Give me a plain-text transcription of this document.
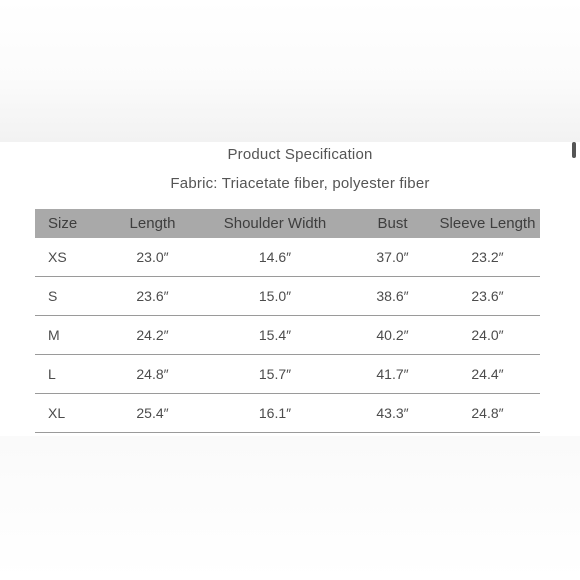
Product Specification
Fabric: Triacetate fiber, polyester fiber
Size	Length	Shoulder Width	Bust	Sleeve Length
XS	23.0″	14.6″	37.0″	23.2″
S	23.6″	15.0″	38.6″	23.6″
M	24.2″	15.4″	40.2″	24.0″
L	24.8″	15.7″	41.7″	24.4″
XL	25.4″	16.1″	43.3″	24.8″
